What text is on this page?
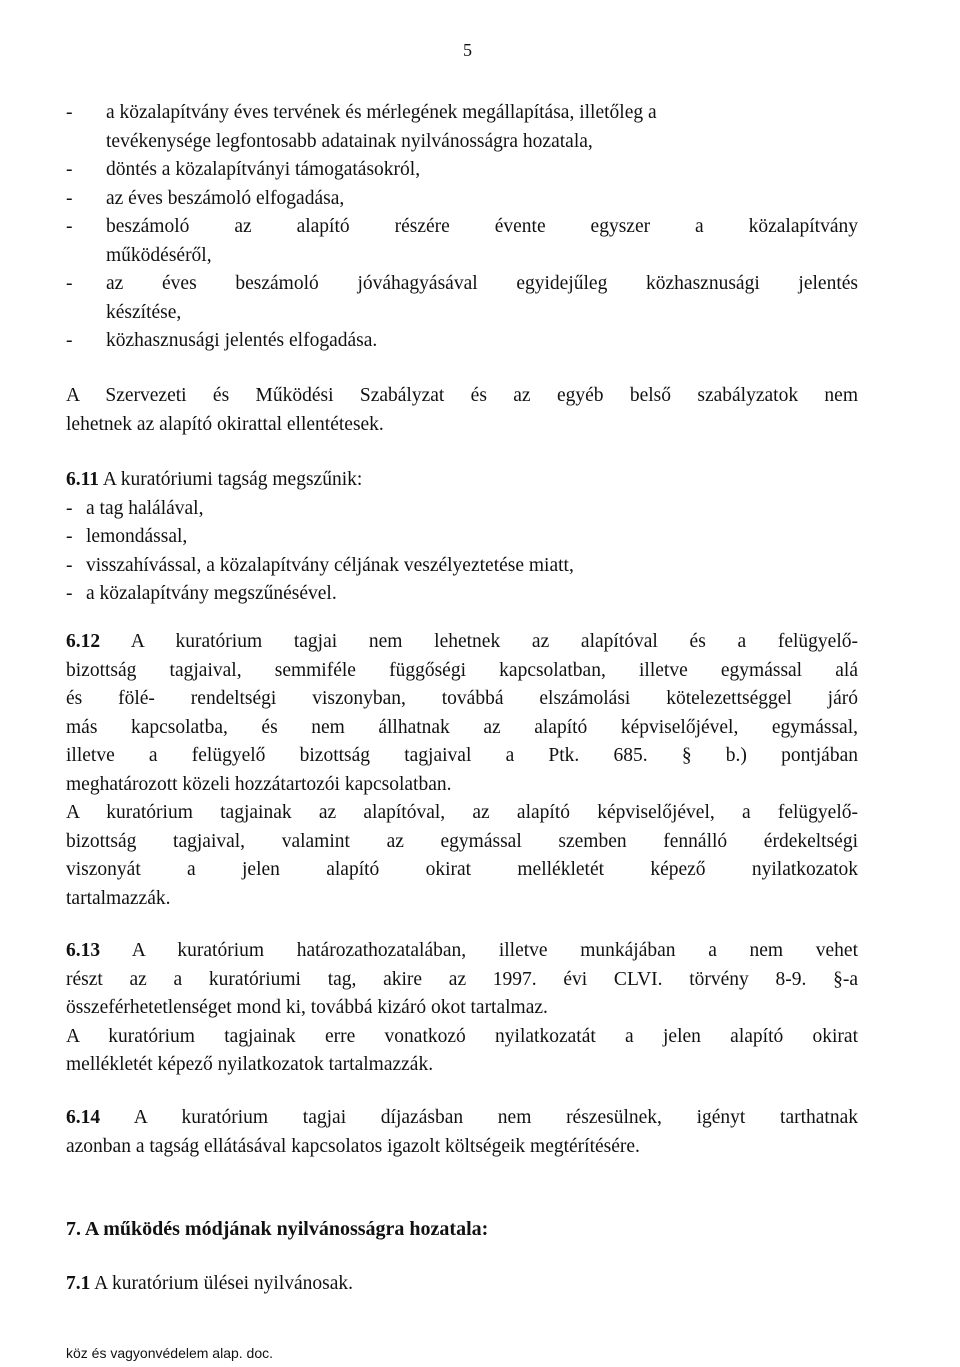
5
- a közalapítvány éves tervének és mérlegének megállapítása, illetőleg a

tevékenysége legfontosabb adatainak nyilvánosságra hozatala,

- döntés a közalapítványi támogatásokról,

- az éves beszámoló elfogadása,

- beszámoló az alapító részére évente egyszer a közalapítvány

működéséről,

- az éves beszámoló jóváhagyásával egyidejűleg közhasznusági jelentés

készítése,

- közhasznusági jelentés elfogadása.

A Szervezeti és Működési Szabályzat és az egyéb belső szabályzatok nem

lehetnek az alapító okirattal ellentétesek.

6.11 A kuratóriumi tagság megszűnik:

- a tag halálával,

- lemondással,

- visszahívással, a közalapítvány céljának veszélyeztetése miatt,

- a közalapítvány megszűnésével.

6.12 A kuratórium tagjai nem lehetnek az alapítóval és a felügyelő-

bizottság tagjaival, semmiféle függőségi kapcsolatban, illetve egymással alá

és fölé- rendeltségi viszonyban, továbbá elszámolási kötelezettséggel járó

más kapcsolatba, és nem állhatnak az alapító képviselőjével, egymással,

illetve a felügyelő bizottság tagjaival a Ptk. 685. § b.) pontjában

meghatározott közeli hozzátartozói kapcsolatban.

A kuratórium tagjainak az alapítóval, az alapító képviselőjével, a felügyelő-

bizottság tagjaival, valamint az egymással szemben fennálló érdekeltségi

viszonyát a jelen alapító okirat mellékletét képező nyilatkozatok

tartalmazzák.

6.13 A kuratórium határozathozatalában, illetve munkájában a nem vehet

részt az a kuratóriumi tag, akire az 1997. évi CLVI. törvény 8-9. §-a

összeférhetetlenséget mond ki, továbbá kizáró okot tartalmaz.

A kuratórium tagjainak erre vonatkozó nyilatkozatát a jelen alapító okirat

mellékletét képező nyilatkozatok tartalmazzák.

6.14 A kuratórium tagjai díjazásban nem részesülnek, igényt tarthatnak

azonban a tagság ellátásával kapcsolatos igazolt költségeik megtérítésére.

7. A működés módjának nyilvánosságra hozatala:
7.1 A kuratórium ülései nyilvánosak.
köz és vagyonvédelem alap. doc.
